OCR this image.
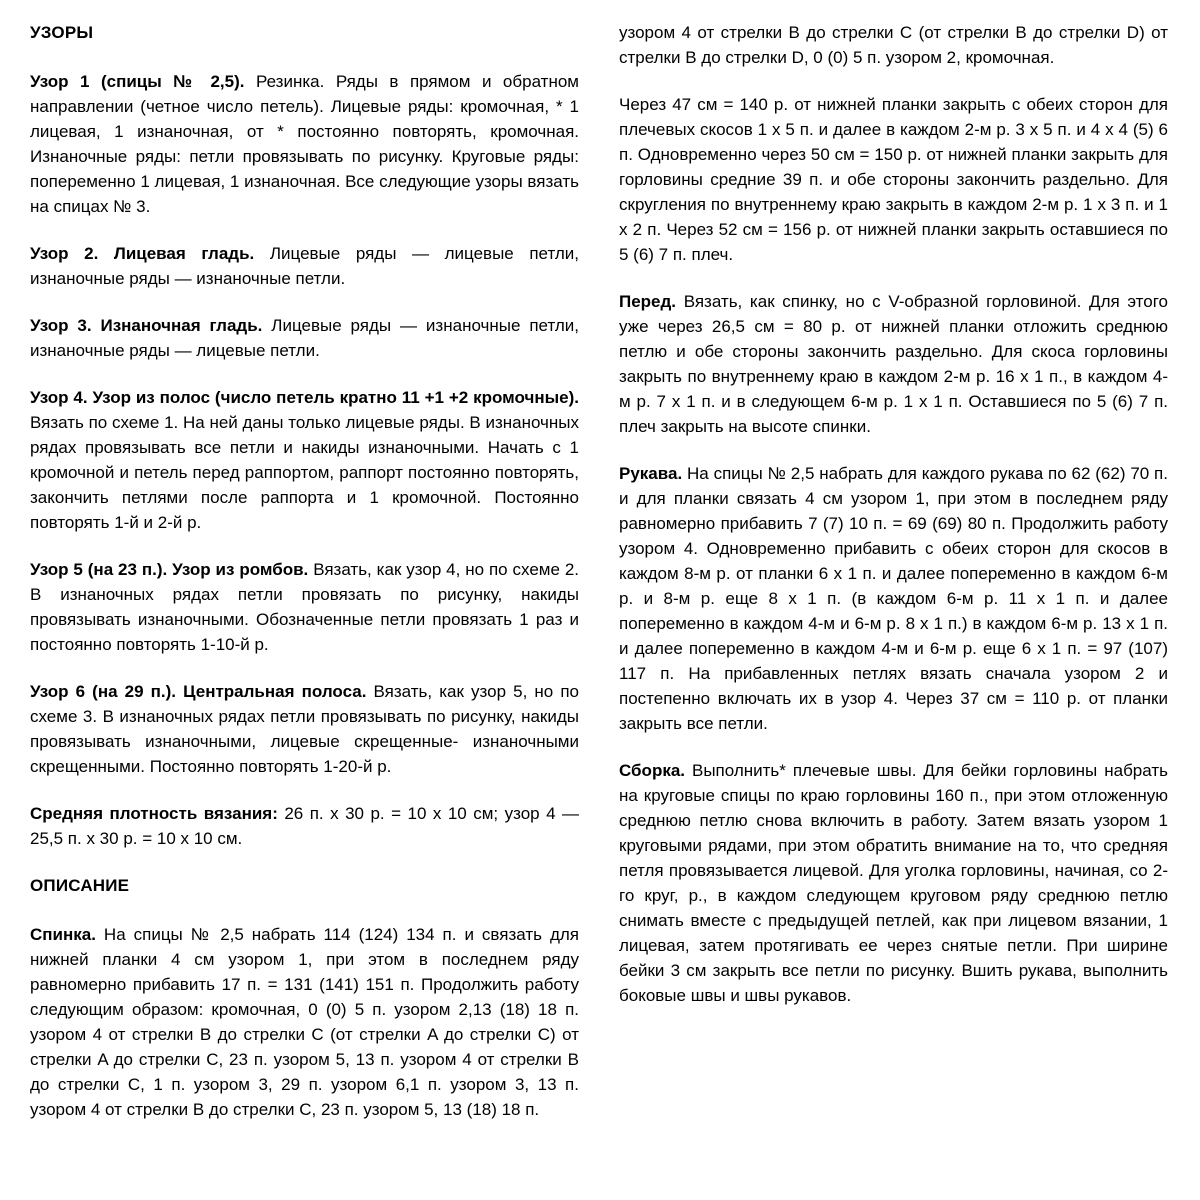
УЗОРЫ

Узор 1 (спицы № 2,5). Резинка. Ряды в прямом и обратном направлении (четное число петель). Лицевые ряды: кромочная, * 1 лицевая, 1 изнаночная, от * постоянно повторять, кромочная. Изнаночные ряды: петли провязывать по рисунку. Круговые ряды: попеременно 1 лицевая, 1 изнаночная. Все следующие узоры вязать на спицах № 3.

Узор 2. Лицевая гладь. Лицевые ряды — лицевые петли, изнаночные ряды — изнаночные петли.

Узор 3. Изнаночная гладь. Лицевые ряды — изнаночные петли, изнаночные ряды — лицевые петли.

Узор 4. Узор из полос (число петель кратно 11 +1 +2 кромочные). Вязать по схеме 1. На ней даны только лицевые ряды. В изнаночных рядах провязывать все петли и накиды изнаночными. Начать с 1 кромочной и петель перед раппортом, раппорт постоянно повторять, закончить петлями после раппорта и 1 кромочной. Постоянно повторять 1-й и 2-й р.

Узор 5 (на 23 п.). Узор из ромбов. Вязать, как узор 4, но по схеме 2. В изнаночных рядах петли провязать по рисунку, накиды провязывать изнаночными. Обозначенные петли провязать 1 раз и постоянно повторять 1-10-й р.

Узор 6 (на 29 п.). Центральная полоса. Вязать, как узор 5, но по схеме 3. В изнаночных рядах петли провязывать по рисунку, накиды провязывать изнаночными, лицевые скрещенные- изнаночными скрещенными. Постоянно повторять 1-20-й р.

Средняя плотность вязания: 26 п. x 30 р. = 10 x 10 см; узор 4 — 25,5 п. x 30 р. = 10 x 10 см.

ОПИСАНИЕ

Спинка. На спицы № 2,5 набрать 114 (124) 134 п. и связать для нижней планки 4 см узором 1, при этом в последнем ряду равномерно прибавить 17 п. = 131 (141) 151 п. Продолжить работу следующим образом: кромочная, 0 (0) 5 п. узором 2,13 (18) 18 п. узором 4 от стрелки B до стрелки C (от стрелки A до стрелки C) от стрелки A до стрелки C, 23 п. узором 5, 13 п. узором 4 от стрелки B до стрелки C, 1 п. узором 3, 29 п. узором 6,1 п. узором 3, 13 п. узором 4 от стрелки B до стрелки C, 23 п. узором 5, 13 (18) 18 п.

узором 4 от стрелки B до стрелки C (от стрелки B до стрелки D) от стрелки B до стрелки D, 0 (0) 5 п. узором 2, кромочная.

Через 47 см = 140 р. от нижней планки закрыть с обеих сторон для плечевых скосов 1 x 5 п. и далее в каждом 2-м р. 3 x 5 п. и 4 x 4 (5) 6 п. Одновременно через 50 см = 150 р. от нижней планки закрыть для горловины средние 39 п. и обе стороны закончить раздельно. Для скругления по внутреннему краю закрыть в каждом 2-м р. 1 x 3 п. и 1 x 2 п. Через 52 см = 156 р. от нижней планки закрыть оставшиеся по 5 (6) 7 п. плеч.

Перед. Вязать, как спинку, но с V-образной горловиной. Для этого уже через 26,5 см = 80 р. от нижней планки отложить среднюю петлю и обе стороны закончить раздельно. Для скоса горловины закрыть по внутреннему краю в каждом 2-м р. 16 x 1 п., в каждом 4-м р. 7 x 1 п. и в следующем 6-м р. 1 x 1 п. Оставшиеся по 5 (6) 7 п. плеч закрыть на высоте спинки.

Рукава. На спицы № 2,5 набрать для каждого рукава по 62 (62) 70 п. и для планки связать 4 см узором 1, при этом в последнем ряду равномерно прибавить 7 (7) 10 п. = 69 (69) 80 п. Продолжить работу узором 4. Одновременно прибавить с обеих сторон для скосов в каждом 8-м р. от планки 6 x 1 п. и далее попеременно в каждом 6-м р. и 8-м р. еще 8 x 1 п. (в каждом 6-м р. 11 x 1 п. и далее попеременно в каждом 4-м и 6-м р. 8 x 1 п.) в каждом 6-м р. 13 x 1 п. и далее попеременно в каждом 4-м и 6-м р. еще 6 x 1 п. = 97 (107) 117 п. На прибавленных петлях вязать сначала узором 2 и постепенно включать их в узор 4. Через 37 см = 110 р. от планки закрыть все петли.

Сборка. Выполнить* плечевые швы. Для бейки горловины набрать на круговые спицы по краю горловины 160 п., при этом отложенную среднюю петлю снова включить в работу. Затем вязать узором 1 круговыми рядами, при этом обратить внимание на то, что средняя петля провязывается лицевой. Для уголка горловины, начиная, со 2-го круг, р., в каждом следующем круговом ряду среднюю петлю снимать вместе с предыдущей петлей, как при лицевом вязании, 1 лицевая, затем протягивать ее через снятые петли. При ширине бейки 3 см закрыть все петли по рисунку. Вшить рукава, выполнить боковые швы и швы рукавов.
